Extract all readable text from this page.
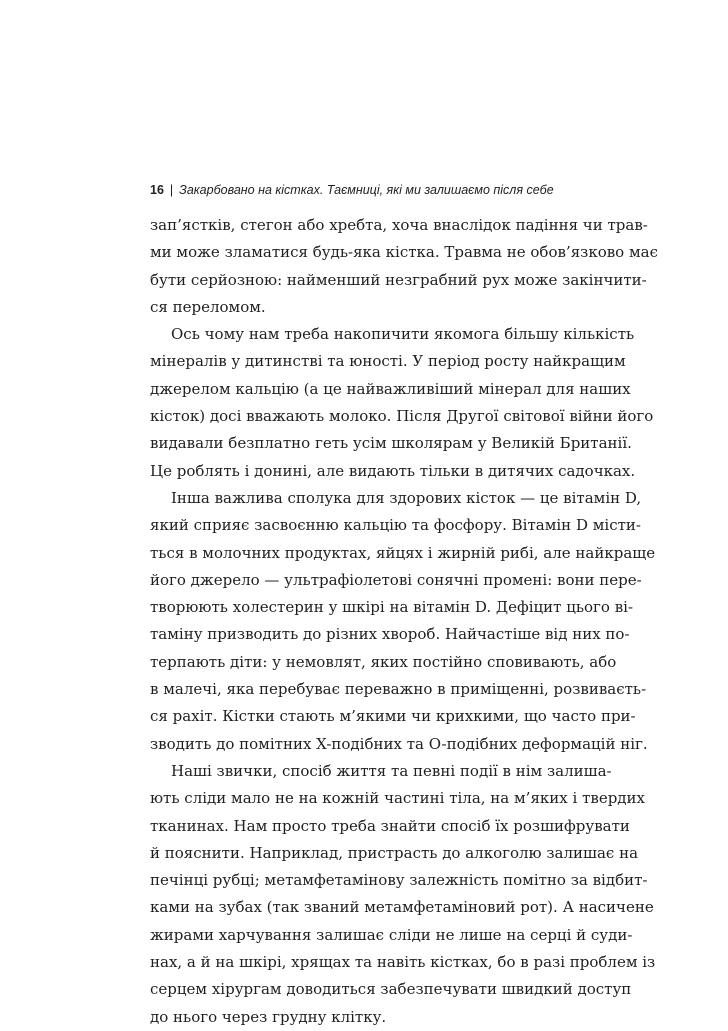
16 | Закарбовано на кістках. Таємниці, які ми залишаємо після себе

зап’ястків, стегон або хребта, хоча внаслідок падіння чи трав-
ми може зламатися будь-яка кістка. Травма не обов’язково має
бути серйозною: найменший незграбний рух може закінчити-
ся переломом.

Ось чому нам треба накопичити якомога більшу кількість
мінералів у дитинстві та юності. У період росту найкращим
джерелом кальцію (а це найважливіший мінерал для наших
кісток) досі вважають молоко. Після Другої світової війни його
видавали безплатно геть усім школярам у Великій Британії.
Це роблять і донині, але видають тільки в дитячих садочках.

Інша важлива сполука для здорових кісток — це вітамін D,
який сприяє засвоєнню кальцію та фосфору. Вітамін D місти-
ться в молочних продуктах, яйцях і жирній рибі, але найкраще
його джерело — ультрафіолетові сонячні промені: вони пере-
творюють холестерин у шкірі на вітамін D. Дефіцит цього ві-
таміну призводить до різних хвороб. Найчастіше від них по-
терпають діти: у немовлят, яких постійно сповивають, або
в малечі, яка перебуває переважно в приміщенні, розвиваєть-
ся рахіт. Кістки стають м’якими чи крихкими, що часто при-
зводить до помітних X-подібних та O-подібних деформацій ніг.

Наші звички, спосіб життя та певні події в нім залиша-
ють сліди мало не на кожній частині тіла, на м’яких і твердих
тканинах. Нам просто треба знайти спосіб їх розшифрувати
й пояснити. Наприклад, пристрасть до алкоголю залишає на
печінці рубці; метамфетамінову залежність помітно за відбит-
ками на зубах (так званий метамфетаміновий рот). А насичене
жирами харчування залишає сліди не лише на серці й суди-
нах, а й на шкірі, хрящах та навіть кістках, бо в разі проблем із
серцем хірургам доводиться забезпечувати швидкий доступ
до нього через грудну клітку.
